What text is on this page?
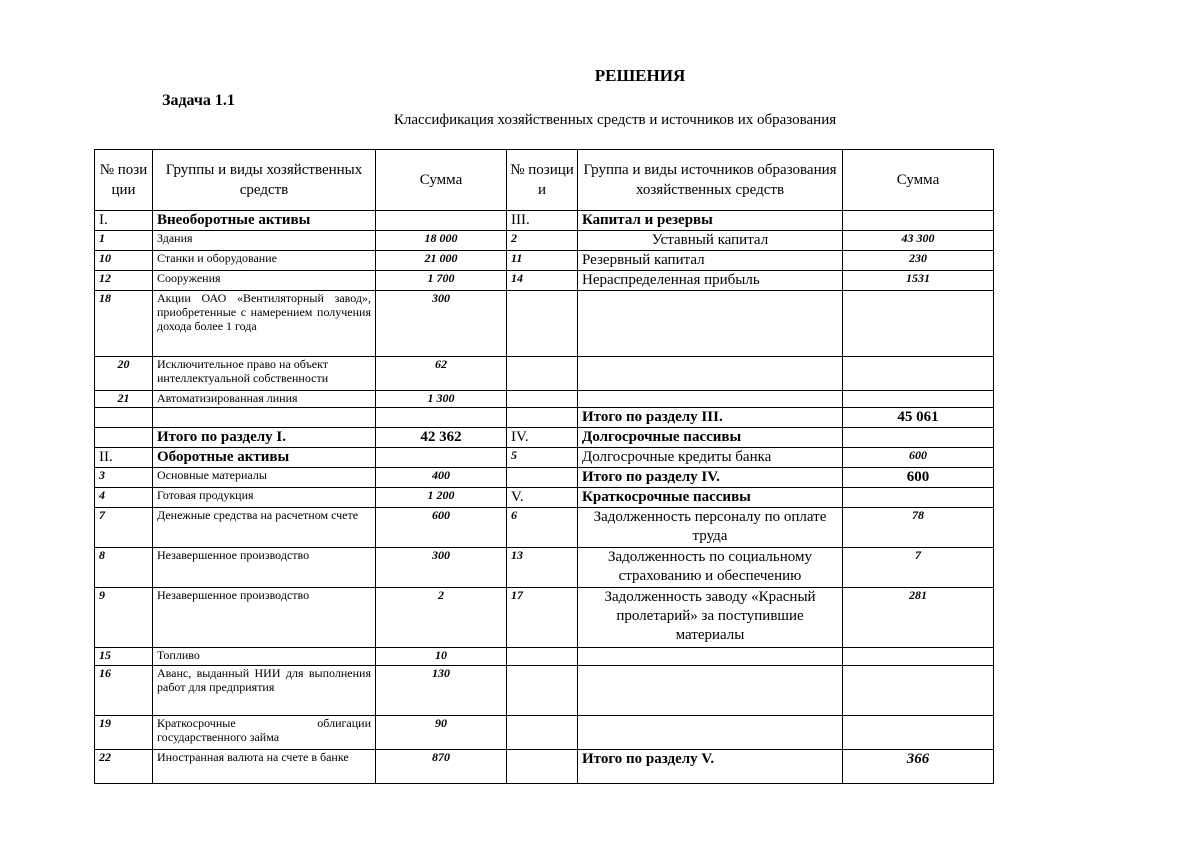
РЕШЕНИЯ
Задача 1.1
Классификация хозяйственных средств и источников их образования
№ пози ции	Группы и виды хозяйственных средств	Сумма	№ позици и	Группа и виды источников образования хозяйственных средств	Сумма
I.	Внеоборотные активы		III.	Капитал и резервы	
1	Здания	18 000	2	Уставный капитал	43 300
10	Станки и оборудование	21 000	11	Резервный капитал	230
12	Сооружения	1 700	14	Нераспределенная прибыль	1531
18	Акции ОАО «Вентиляторный завод», приобретенные с намерением получения дохода более 1 года	300			
20	Исключительное право на объект интеллектуальной собственности	62			
21	Автоматизированная линия	1 300			
				Итого по разделу III.	45 061
	Итого по разделу I.	42 362	IV.	Долгосрочные пассивы	
II.	Оборотные активы		5	Долгосрочные кредиты банка	600
3	Основные материалы	400		Итого по разделу IV.	600
4	Готовая продукция	1 200	V.	Краткосрочные пассивы	
7	Денежные средства на расчетном счете	600	6	Задолженность персоналу по оплате труда	78
8	Незавершенное производство	300	13	Задолженность по социальному страхованию и обеспечению	7
9	Незавершенное производство	2	17	Задолженность заводу «Красный пролетарий» за поступившие материалы	281
15	Топливо	10			
16	Аванс, выданный НИИ для выполнения работ для предприятия	130			
19	Краткосрочные облигации государственного займа	90			
22	Иностранная валюта на счете в банке	870		Итого по разделу V.	366
